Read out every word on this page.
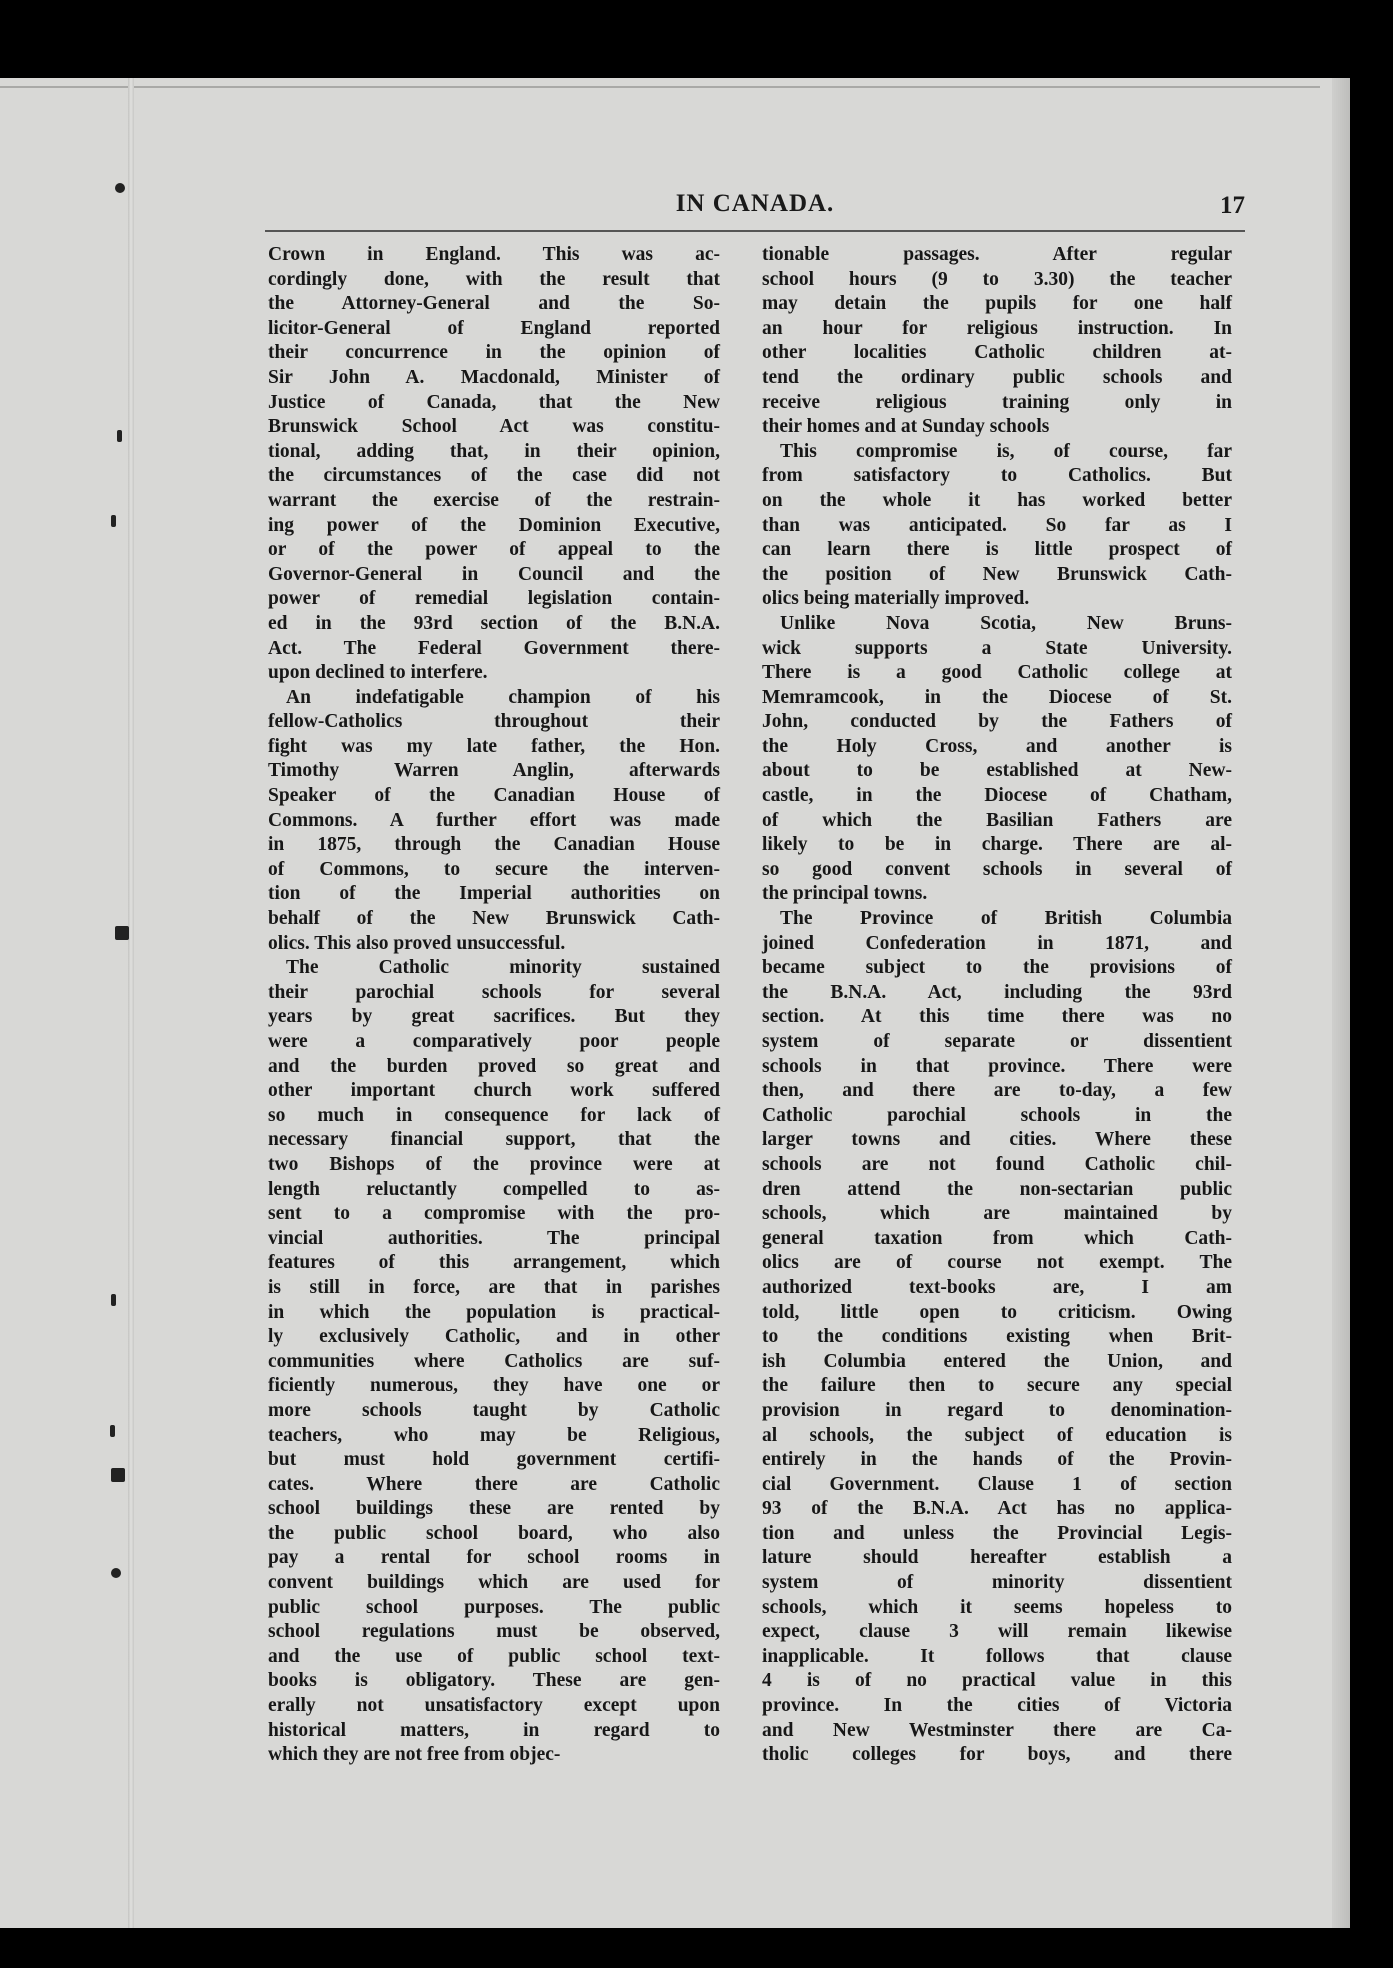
IN CANADA.	17
Crown in England. This was ac-
cordingly done, with the result that
the Attorney-General and the So-
licitor-General of England reported
their concurrence in the opinion of
Sir John A. Macdonald, Minister of
Justice of Canada, that the New
Brunswick School Act was constitu-
tional, adding that, in their opinion,
the circumstances of the case did not
warrant the exercise of the restrain-
ing power of the Dominion Executive,
or of the power of appeal to the
Governor-General in Council and the
power of remedial legislation contain-
ed in the 93rd section of the B.N.A.
Act. The Federal Government there-
upon declined to interfere.
An indefatigable champion of his
fellow-Catholics throughout their
fight was my late father, the Hon.
Timothy Warren Anglin, afterwards
Speaker of the Canadian House of
Commons. A further effort was made
in 1875, through the Canadian House
of Commons, to secure the interven-
tion of the Imperial authorities on
behalf of the New Brunswick Cath-
olics. This also proved unsuccessful.
The Catholic minority sustained
their parochial schools for several
years by great sacrifices. But they
were a comparatively poor people
and the burden proved so great and
other important church work suffered
so much in consequence for lack of
necessary financial support, that the
two Bishops of the province were at
length reluctantly compelled to as-
sent to a compromise with the pro-
vincial authorities. The principal
features of this arrangement, which
is still in force, are that in parishes
in which the population is practical-
ly exclusively Catholic, and in other
communities where Catholics are suf-
ficiently numerous, they have one or
more schools taught by Catholic
teachers, who may be Religious,
but must hold government certifi-
cates. Where there are Catholic
school buildings these are rented by
the public school board, who also
pay a rental for school rooms in
convent buildings which are used for
public school purposes. The public
school regulations must be observed,
and the use of public school text-
books is obligatory. These are gen-
erally not unsatisfactory except upon
historical matters, in regard to
which they are not free from objec-
tionable passages. After regular
school hours (9 to 3.30) the teacher
may detain the pupils for one half
an hour for religious instruction. In
other localities Catholic children at-
tend the ordinary public schools and
receive religious training only in
their homes and at Sunday schools
This compromise is, of course, far
from satisfactory to Catholics. But
on the whole it has worked better
than was anticipated. So far as I
can learn there is little prospect of
the position of New Brunswick Cath-
olics being materially improved.
Unlike Nova Scotia, New Bruns-
wick supports a State University.
There is a good Catholic college at
Memramcook, in the Diocese of St.
John, conducted by the Fathers of
the Holy Cross, and another is
about to be established at New-
castle, in the Diocese of Chatham,
of which the Basilian Fathers are
likely to be in charge. There are al-
so good convent schools in several of
the principal towns.
The Province of British Columbia
joined Confederation in 1871, and
became subject to the provisions of
the B.N.A. Act, including the 93rd
section. At this time there was no
system of separate or dissentient
schools in that province. There were
then, and there are to-day, a few
Catholic parochial schools in the
larger towns and cities. Where these
schools are not found Catholic chil-
dren attend the non-sectarian public
schools, which are maintained by
general taxation from which Cath-
olics are of course not exempt. The
authorized text-books are, I am
told, little open to criticism. Owing
to the conditions existing when Brit-
ish Columbia entered the Union, and
the failure then to secure any special
provision in regard to denomination-
al schools, the subject of education is
entirely in the hands of the Provin-
cial Government. Clause 1 of section
93 of the B.N.A. Act has no applica-
tion and unless the Provincial Legis-
lature should hereafter establish a
system of minority dissentient
schools, which it seems hopeless to
expect, clause 3 will remain likewise
inapplicable. It follows that clause
4 is of no practical value in this
province. In the cities of Victoria
and New Westminster there are Ca-
tholic colleges for boys, and there
